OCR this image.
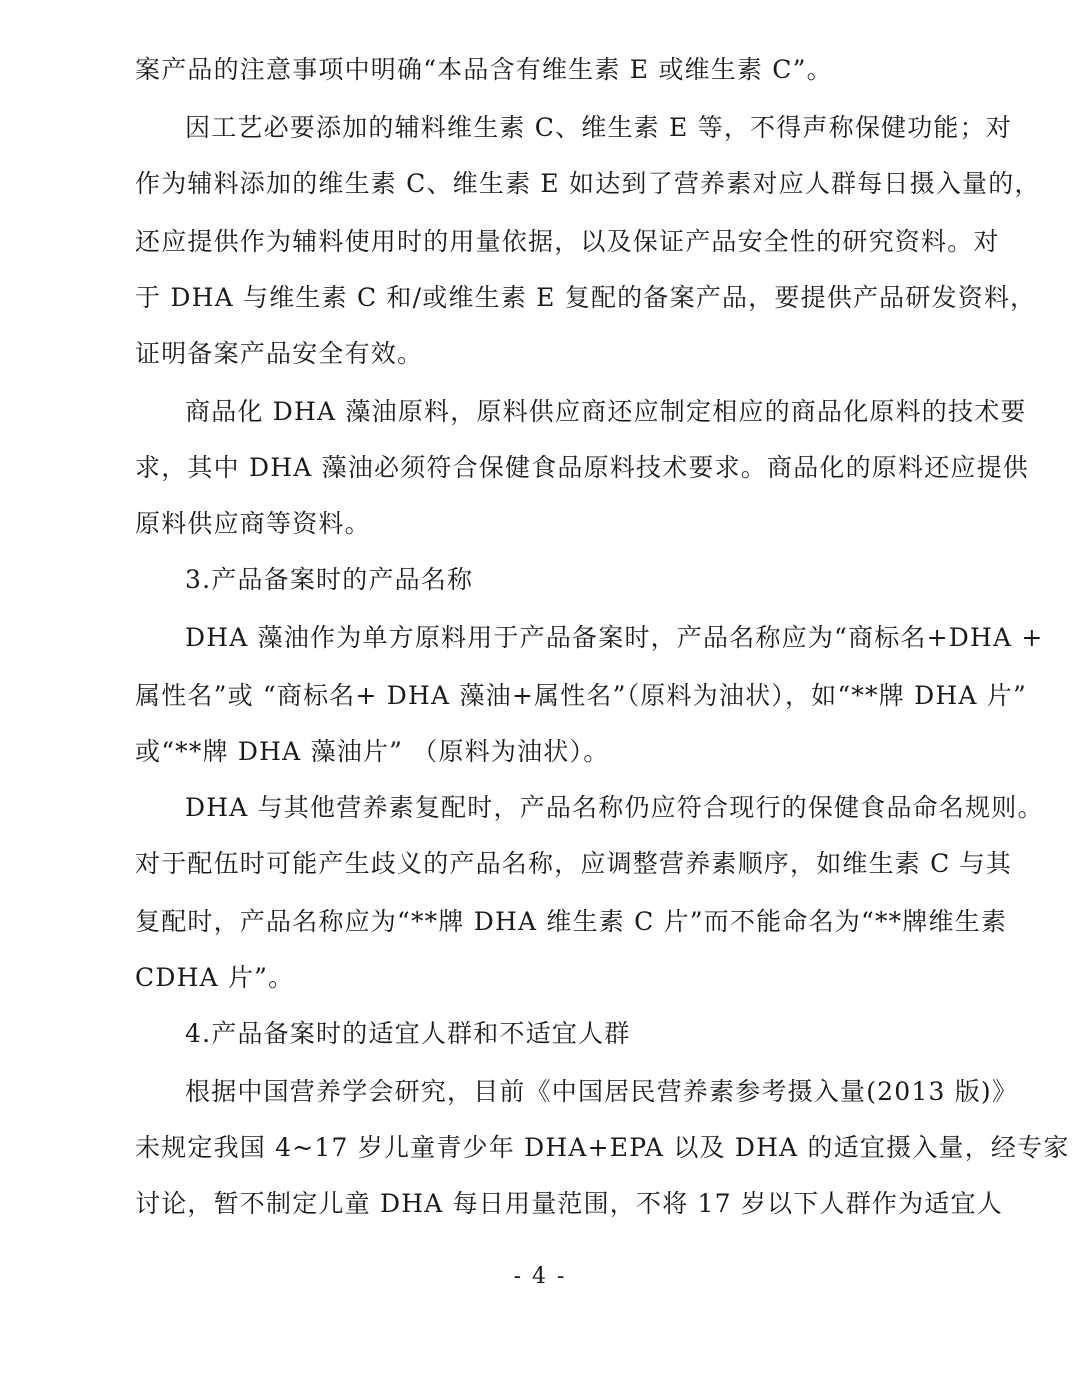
案产品的注意事项中明确“本品含有维生素 E 或维生素 C”。
因工艺必要添加的辅料维生素 C、维生素 E 等，不得声称保健功能；对
作为辅料添加的维生素 C、维生素 E 如达到了营养素对应人群每日摄入量的，
还应提供作为辅料使用时的用量依据，以及保证产品安全性的研究资料。对
于 DHA 与维生素 C 和/或维生素 E 复配的备案产品，要提供产品研发资料，
证明备案产品安全有效。
商品化 DHA 藻油原料，原料供应商还应制定相应的商品化原料的技术要
求，其中 DHA 藻油必须符合保健食品原料技术要求。商品化的原料还应提供
原料供应商等资料。
3.产品备案时的产品名称
DHA 藻油作为单方原料用于产品备案时，产品名称应为“商标名+DHA +
属性名”或 “商标名+ DHA 藻油+属性名”（原料为油状），如“**牌 DHA 片”
或“**牌 DHA 藻油片” （原料为油状）。
DHA 与其他营养素复配时，产品名称仍应符合现行的保健食品命名规则。
对于配伍时可能产生歧义的产品名称，应调整营养素顺序，如维生素 C 与其
复配时，产品名称应为“**牌 DHA 维生素 C 片”而不能命名为“**牌维生素
CDHA 片”。
4.产品备案时的适宜人群和不适宜人群
根据中国营养学会研究，目前《中国居民营养素参考摄入量(2013 版)》
未规定我国 4~17 岁儿童青少年 DHA+EPA 以及 DHA 的适宜摄入量，经专家
讨论，暂不制定儿童 DHA 每日用量范围，不将 17 岁以下人群作为适宜人
- 4 -
